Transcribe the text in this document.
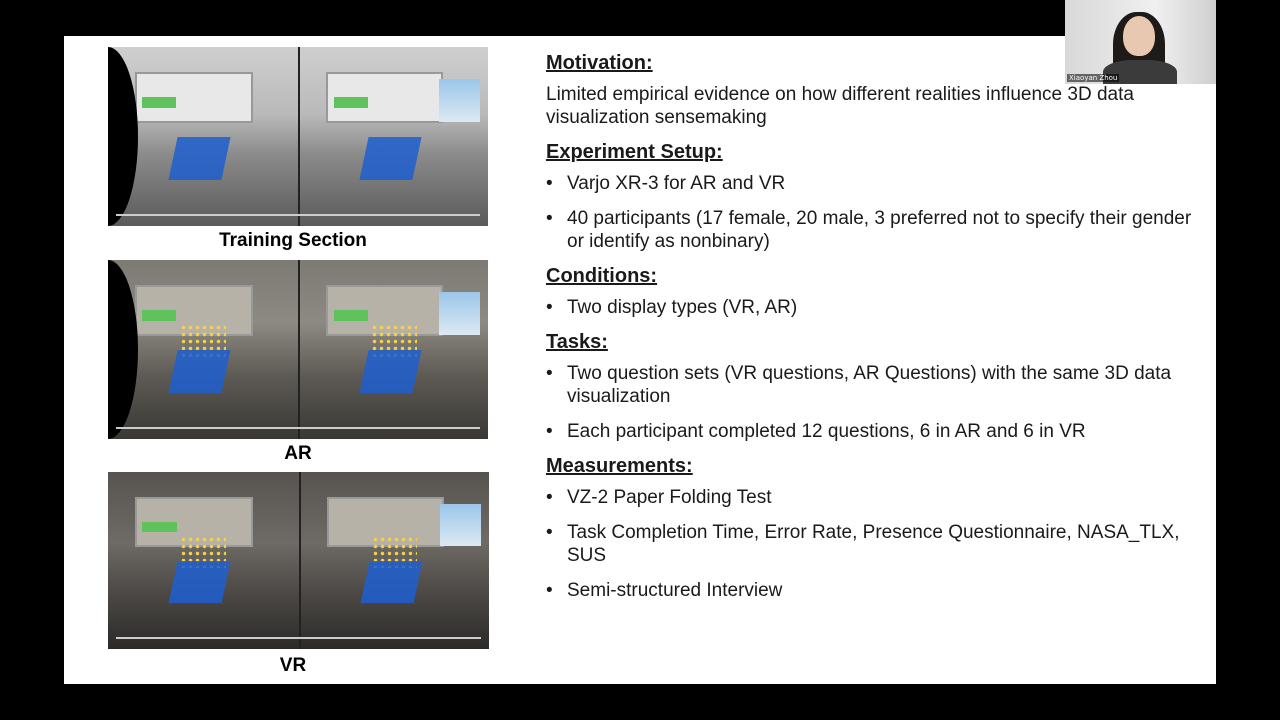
Training Section
AR
VR
Motivation:
Limited empirical evidence on how different realities influence 3D data visualization sensemaking
Experiment Setup:
• Varjo XR-3 for AR and VR
• 40 participants (17 female, 20 male, 3 preferred not to specify their gender or identify as nonbinary)
Conditions:
• Two display types (VR, AR)
Tasks:
• Two question sets (VR questions, AR Questions) with the same 3D data visualization
• Each participant completed 12 questions, 6 in AR and 6 in VR
Measurements:
• VZ-2 Paper Folding Test
• Task Completion Time, Error Rate, Presence Questionnaire, NASA_TLX, SUS
• Semi-structured Interview
Xiaoyan Zhou
